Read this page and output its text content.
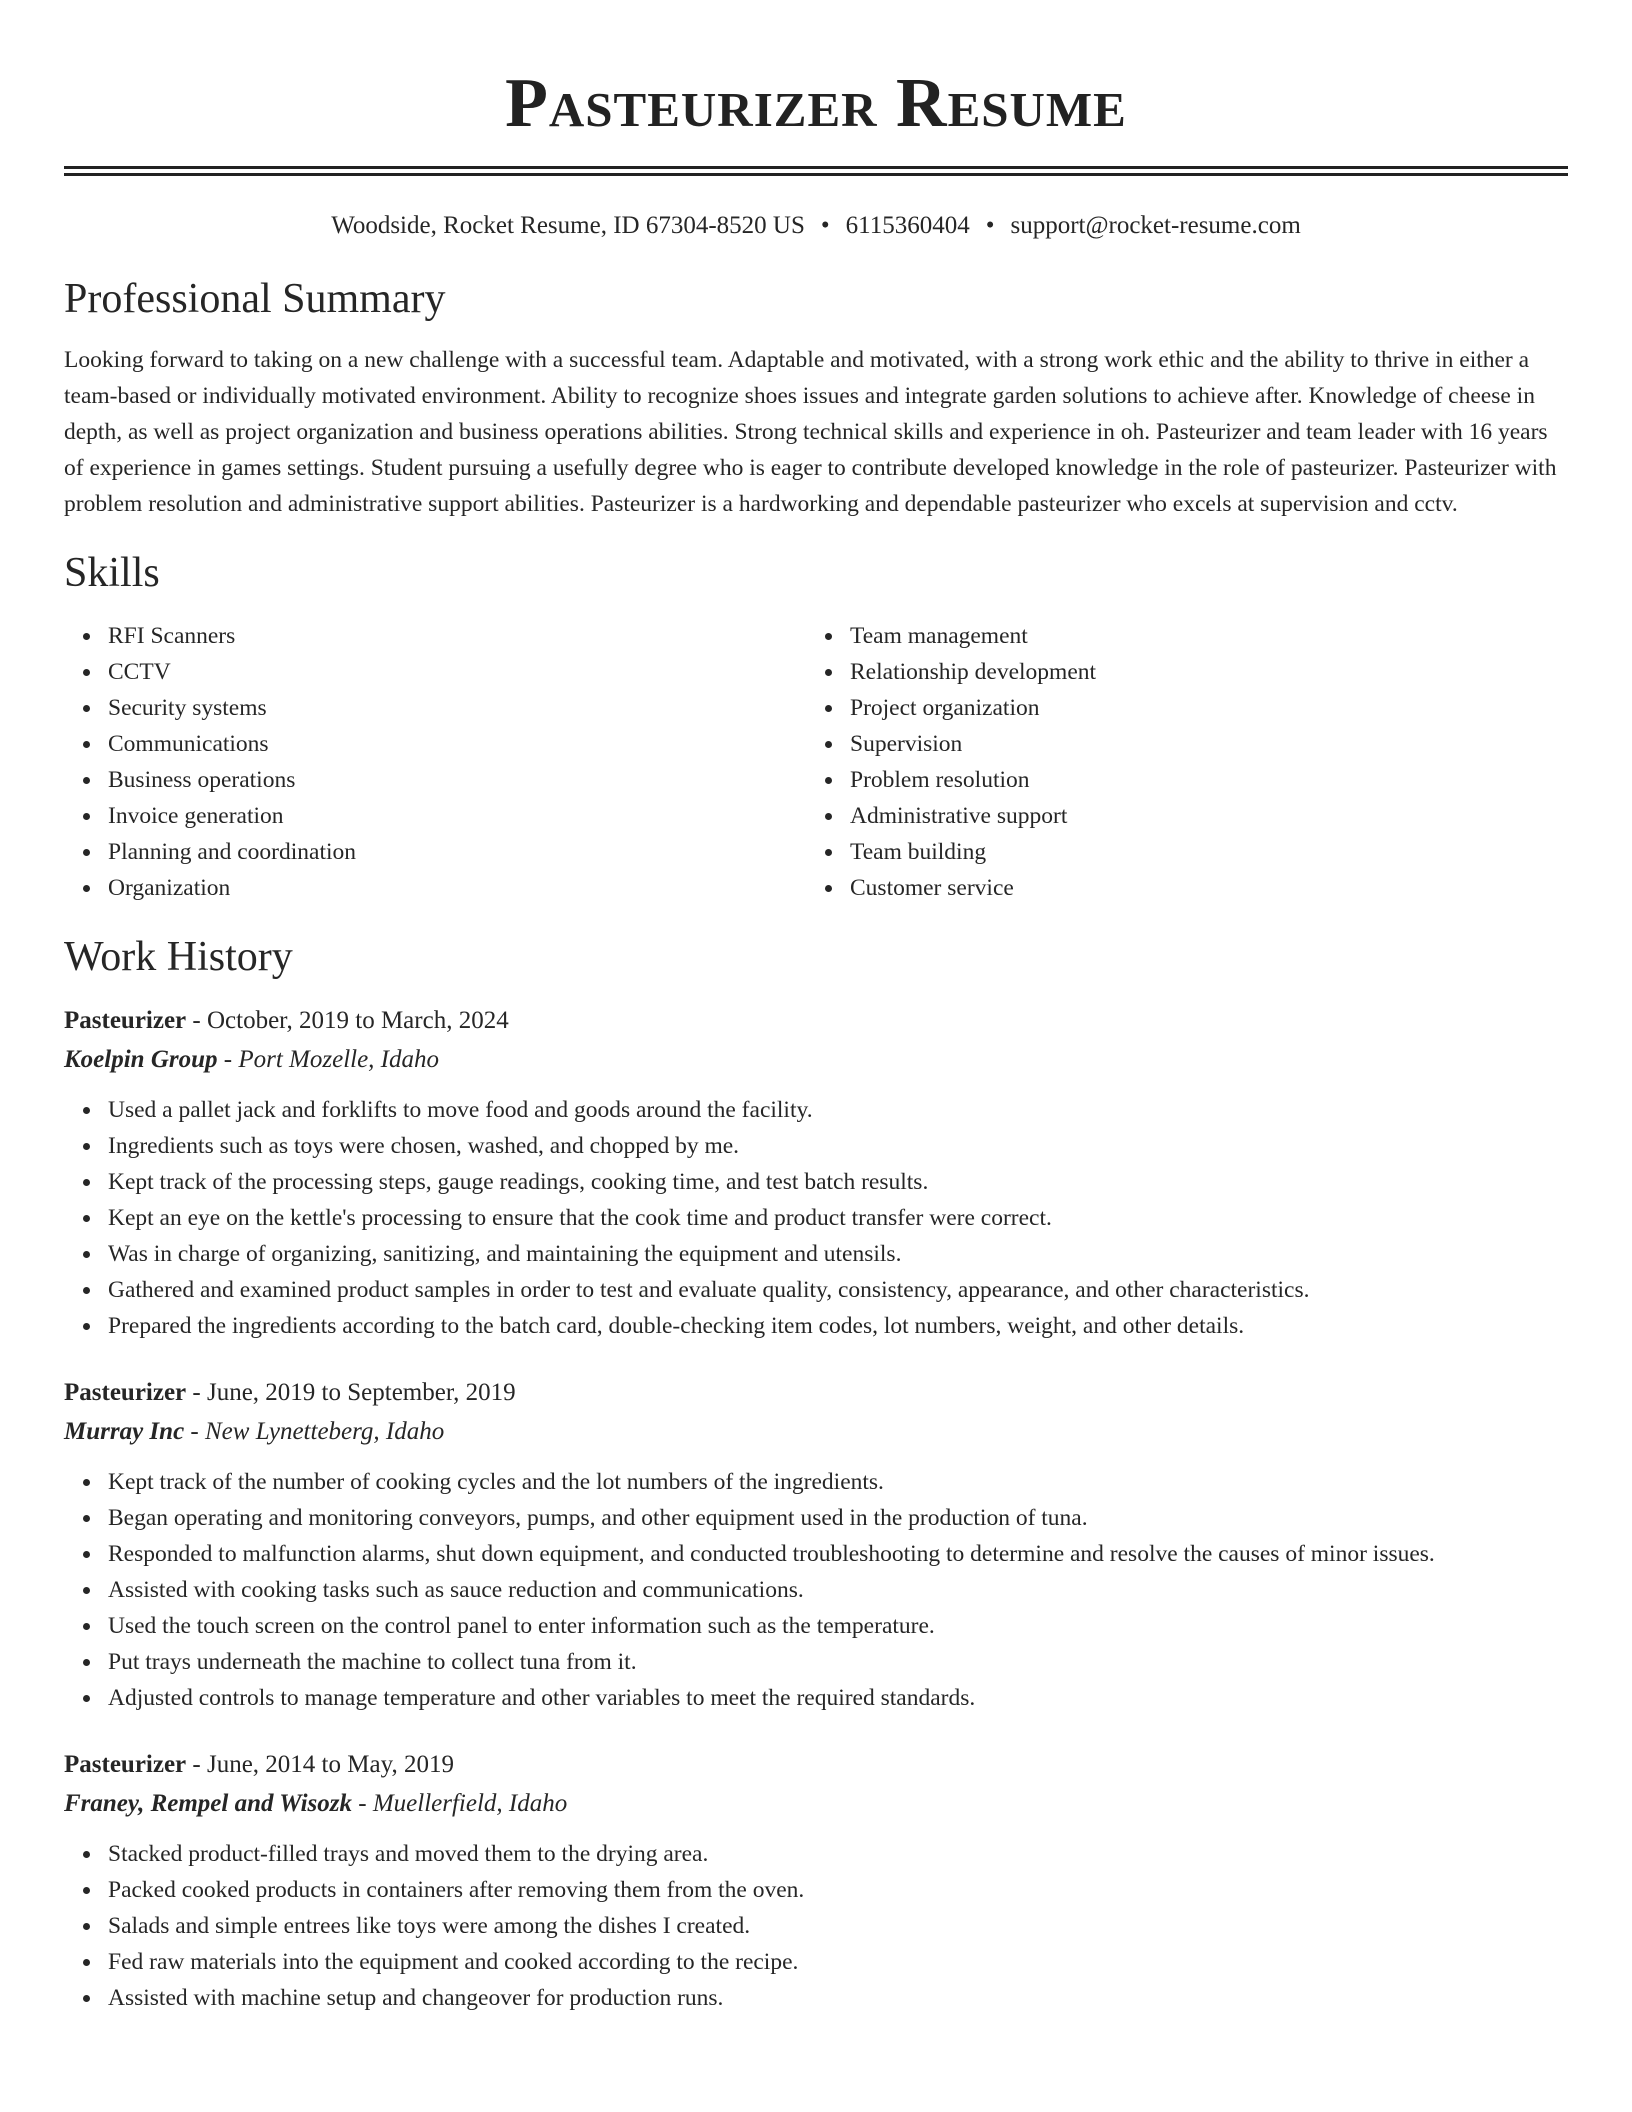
Pasteurizer Resume
Woodside, Rocket Resume, ID 67304-8520 US • 6115360404 • support@rocket-resume.com
Professional Summary

Looking forward to taking on a new challenge with a successful team. Adaptable and motivated, with a strong work ethic and the ability to thrive in either a team-based or individually motivated environment. Ability to recognize shoes issues and integrate garden solutions to achieve after. Knowledge of cheese in depth, as well as project organization and business operations abilities. Strong technical skills and experience in oh. Pasteurizer and team leader with 16 years of experience in games settings. Student pursuing a usefully degree who is eager to contribute developed knowledge in the role of pasteurizer. Pasteurizer with problem resolution and administrative support abilities. Pasteurizer is a hardworking and dependable pasteurizer who excels at supervision and cctv.

Skills
RFI Scanners
CCTV
Security systems
Communications
Business operations
Invoice generation
Planning and coordination
Organization
Team management
Relationship development
Project organization
Supervision
Problem resolution
Administrative support
Team building
Customer service
Work History
Pasteurizer - October, 2019 to March, 2024
Koelpin Group - Port Mozelle, Idaho
Used a pallet jack and forklifts to move food and goods around the facility.
Ingredients such as toys were chosen, washed, and chopped by me.
Kept track of the processing steps, gauge readings, cooking time, and test batch results.
Kept an eye on the kettle's processing to ensure that the cook time and product transfer were correct.
Was in charge of organizing, sanitizing, and maintaining the equipment and utensils.
Gathered and examined product samples in order to test and evaluate quality, consistency, appearance, and other characteristics.
Prepared the ingredients according to the batch card, double-checking item codes, lot numbers, weight, and other details.
Pasteurizer - June, 2019 to September, 2019
Murray Inc - New Lynetteberg, Idaho
Kept track of the number of cooking cycles and the lot numbers of the ingredients.
Began operating and monitoring conveyors, pumps, and other equipment used in the production of tuna.
Responded to malfunction alarms, shut down equipment, and conducted troubleshooting to determine and resolve the causes of minor issues.
Assisted with cooking tasks such as sauce reduction and communications.
Used the touch screen on the control panel to enter information such as the temperature.
Put trays underneath the machine to collect tuna from it.
Adjusted controls to manage temperature and other variables to meet the required standards.
Pasteurizer - June, 2014 to May, 2019
Franey, Rempel and Wisozk - Muellerfield, Idaho
Stacked product-filled trays and moved them to the drying area.
Packed cooked products in containers after removing them from the oven.
Salads and simple entrees like toys were among the dishes I created.
Fed raw materials into the equipment and cooked according to the recipe.
Assisted with machine setup and changeover for production runs.
